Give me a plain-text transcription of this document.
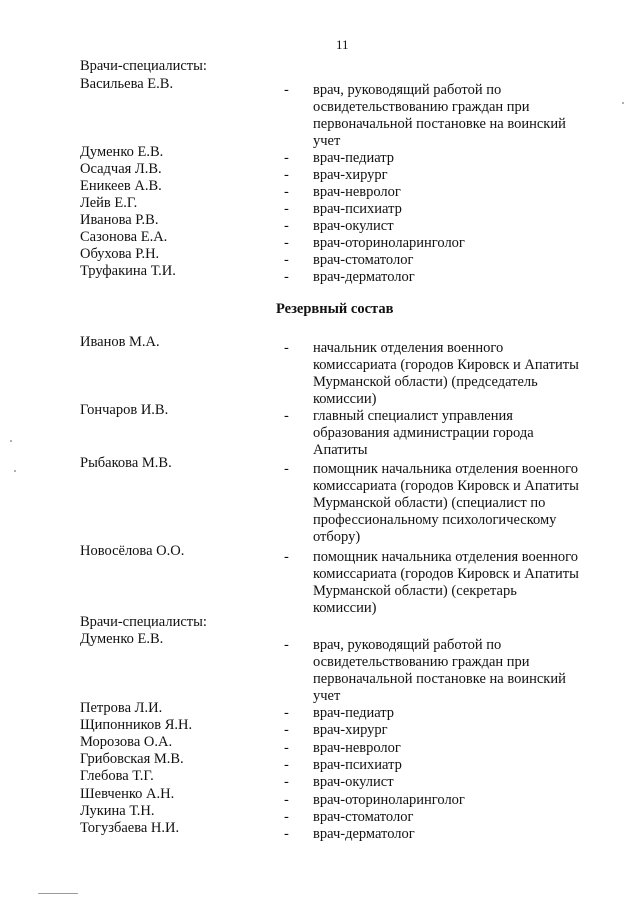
11
Врачи-специалисты:
Васильева Е.В.	- врач, руководящий работой по
освидетельствованию граждан при
первоначальной постановке на воинский
учет
Думенко Е.В.	- врач-педиатр
Осадчая Л.В.	- врач-хирург
Еникеев А.В.	- врач-невролог
Лейв Е.Г.	- врач-психиатр
Иванова Р.В.	- врач-окулист
Сазонова Е.А.	- врач-оториноларинголог
Обухова Р.Н.	- врач-стоматолог
Труфакина Т.И.	- врач-дерматолог
Резервный состав
Иванов М.А.	- начальник отделения военного
комиссариата (городов Кировск и Апатиты
Мурманской области) (председатель
комиссии)
Гончаров И.В.	- главный специалист управления
образования администрации города
Апатиты
Рыбакова М.В.	- помощник начальника отделения военного
комиссариата (городов Кировск и Апатиты
Мурманской области) (специалист по
профессиональному психологическому
отбору)
Новосёлова О.О.	- помощник начальника отделения военного
комиссариата (городов Кировск и Апатиты
Мурманской области) (секретарь
комиссии)
Врачи-специалисты:
Думенко Е.В.	- врач, руководящий работой по
освидетельствованию граждан при
первоначальной постановке на воинский
учет
Петрова Л.И.	- врач-педиатр
Щипонников Я.Н.	- врач-хирург
Морозова О.А.	- врач-невролог
Грибовская М.В.	- врач-психиатр
Глебова Т.Г.	- врач-окулист
Шевченко А.Н.	- врач-оториноларинголог
Лукина Т.Н.	- врач-стоматолог
Тогузбаева Н.И.	- врач-дерматолог
